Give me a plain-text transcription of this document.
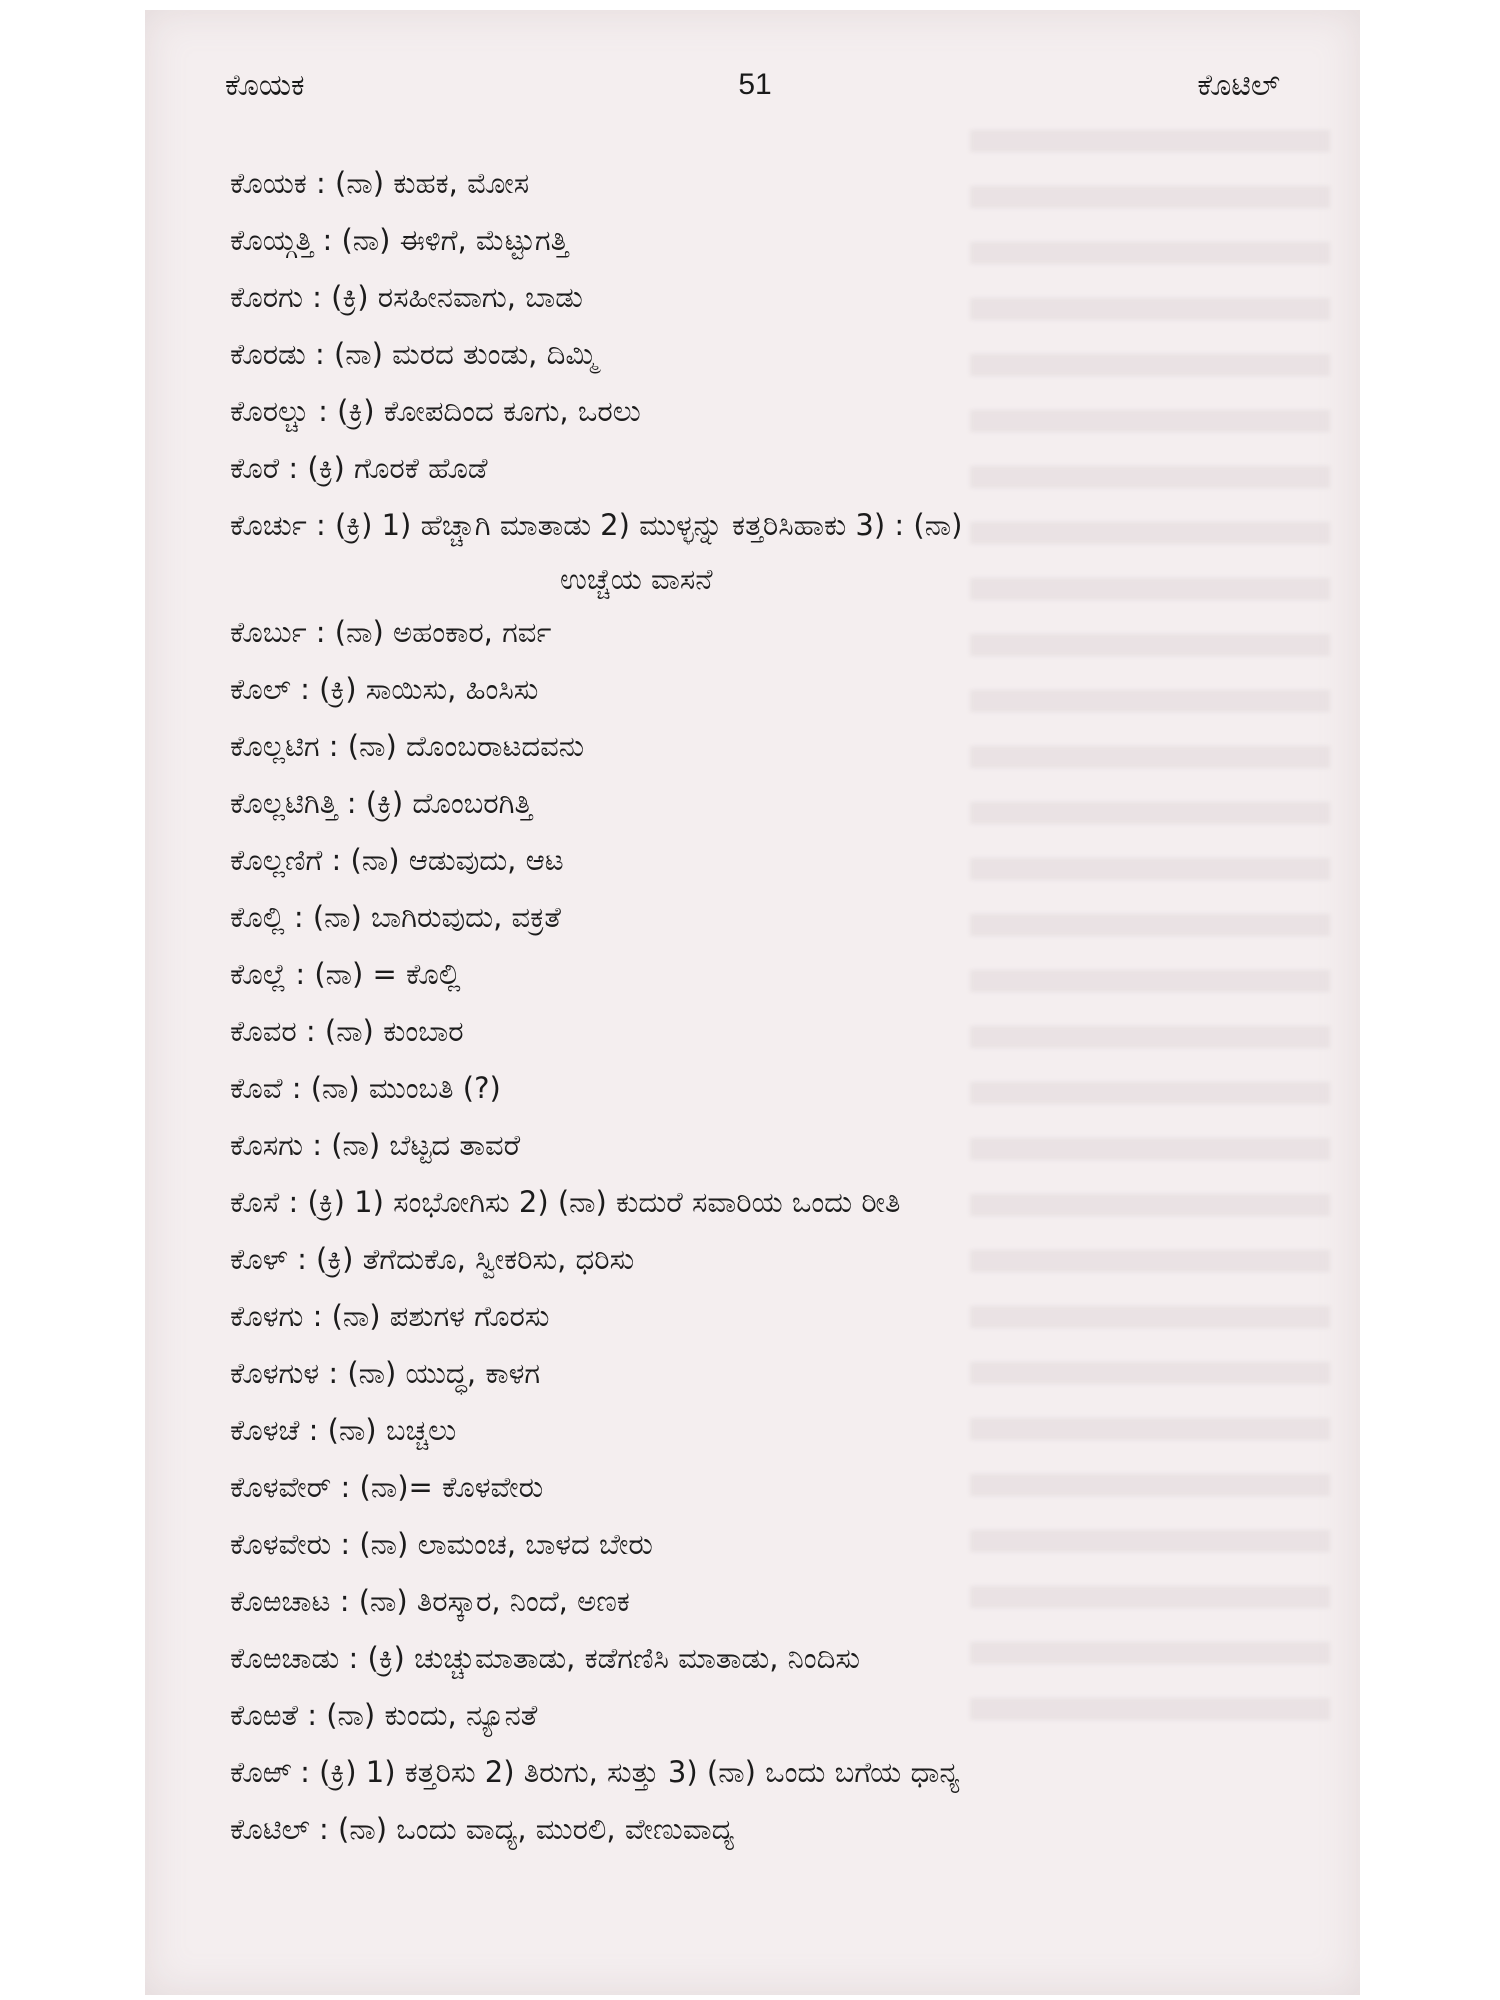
ಕೊಯಕ	51	ಕೊಟಿಲ್
ಕೊಯಕ : (ನಾ) ಕುಹಕ, ಮೋಸ
ಕೊಯ್ಗತ್ತಿ : (ನಾ) ಈಳಿಗೆ, ಮೆಟ್ಟುಗತ್ತಿ
ಕೊರಗು : (ಕ್ರಿ) ರಸಹೀನವಾಗು, ಬಾಡು
ಕೊರಡು : (ನಾ) ಮರದ ತುಂಡು, ದಿಮ್ಮಿ
ಕೊರಲ್ಚು : (ಕ್ರಿ) ಕೋಪದಿಂದ ಕೂಗು, ಒರಲು
ಕೊರೆ : (ಕ್ರಿ) ಗೊರಕೆ ಹೊಡೆ
ಕೊರ್ಚು : (ಕ್ರಿ) 1) ಹೆಚ್ಚಾಗಿ ಮಾತಾಡು 2) ಮುಳ್ಳನ್ನು ಕತ್ತರಿಸಿಹಾಕು 3) : (ನಾ)
ಉಚ್ಚೆಯ ವಾಸನೆ
ಕೊರ್ಬು : (ನಾ) ಅಹಂಕಾರ, ಗರ್ವ
ಕೊಲ್ : (ಕ್ರಿ) ಸಾಯಿಸು, ಹಿಂಸಿಸು
ಕೊಲ್ಲಟಿಗ : (ನಾ) ದೊಂಬರಾಟದವನು
ಕೊಲ್ಲಟಿಗಿತ್ತಿ : (ಕ್ರಿ) ದೊಂಬರಗಿತ್ತಿ
ಕೊಲ್ಲಣಿಗೆ : (ನಾ) ಆಡುವುದು, ಆಟ
ಕೊಲ್ಲಿ : (ನಾ) ಬಾಗಿರುವುದು, ವಕ್ರತೆ
ಕೊಲ್ಲೆ : (ನಾ) = ಕೊಲ್ಲಿ
ಕೊವರ : (ನಾ) ಕುಂಬಾರ
ಕೊವೆ : (ನಾ) ಮುಂಬತಿ (?)
ಕೊಸಗು : (ನಾ) ಬೆಟ್ಟದ ತಾವರೆ
ಕೊಸೆ : (ಕ್ರಿ) 1) ಸಂಭೋಗಿಸು 2) (ನಾ) ಕುದುರೆ ಸವಾರಿಯ ಒಂದು ರೀತಿ
ಕೊಳ್ : (ಕ್ರಿ) ತೆಗೆದುಕೊ, ಸ್ವೀಕರಿಸು, ಧರಿಸು
ಕೊಳಗು : (ನಾ) ಪಶುಗಳ ಗೊರಸು
ಕೊಳಗುಳ : (ನಾ) ಯುದ್ಧ, ಕಾಳಗ
ಕೊಳಚೆ : (ನಾ) ಬಚ್ಚಲು
ಕೊಳವೇರ್ : (ನಾ)= ಕೊಳವೇರು
ಕೊಳವೇರು : (ನಾ) ಲಾಮಂಚ, ಬಾಳದ ಬೇರು
ಕೊಱಚಾಟ : (ನಾ) ತಿರಸ್ಕಾರ, ನಿಂದೆ, ಅಣಕ
ಕೊಱಚಾಡು : (ಕ್ರಿ) ಚುಚ್ಚುಮಾತಾಡು, ಕಡೆಗಣಿಸಿ ಮಾತಾಡು, ನಿಂದಿಸು
ಕೊಱತೆ : (ನಾ) ಕುಂದು, ನ್ಯೂನತೆ
ಕೊಱ್ : (ಕ್ರಿ) 1) ಕತ್ತರಿಸು 2) ತಿರುಗು, ಸುತ್ತು 3) (ನಾ) ಒಂದು ಬಗೆಯ ಧಾನ್ಯ
ಕೊಟಿಲ್ : (ನಾ) ಒಂದು ವಾದ್ಯ, ಮುರಲಿ, ವೇಣುವಾದ್ಯ
